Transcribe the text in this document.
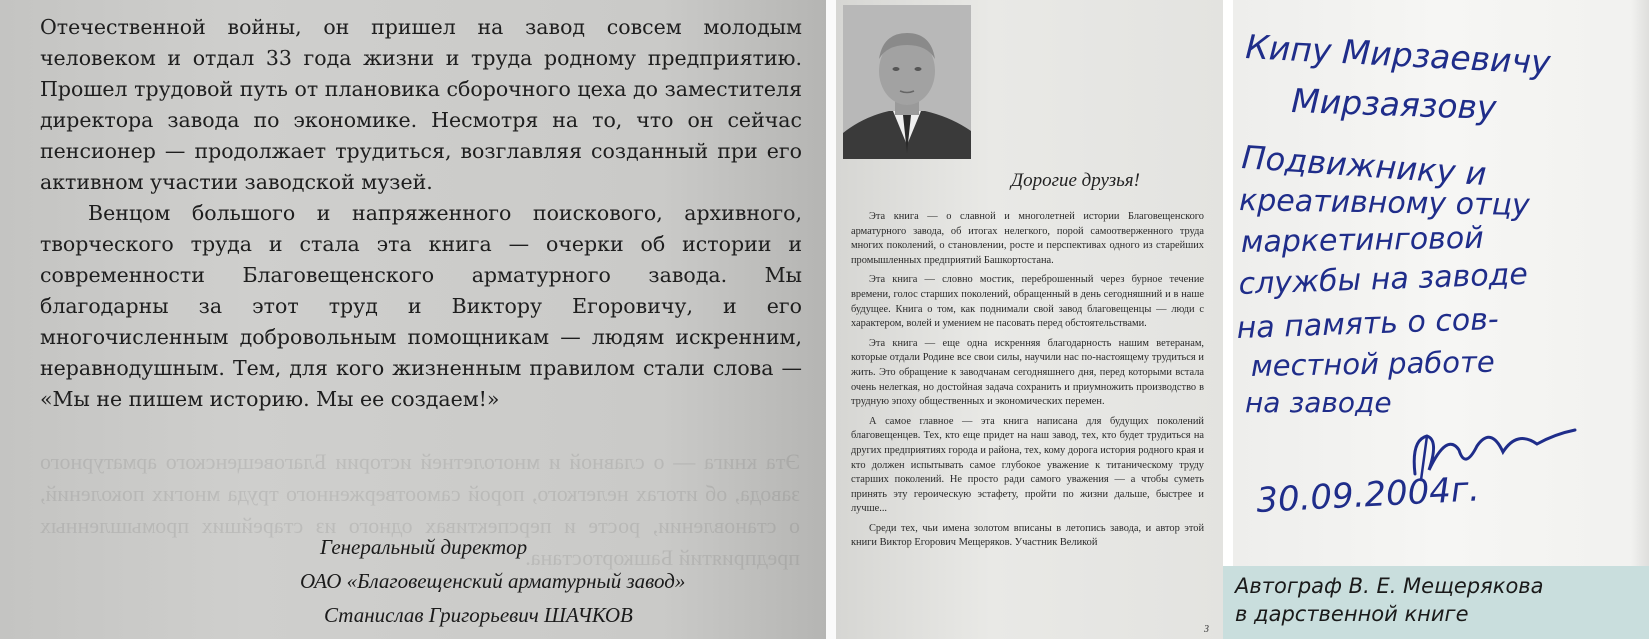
Эта книга — о славной и многолетней истории Благовещенского арматурного завода, об итогах нелегкого, порой самоотверженного труда многих поколений, о становлении, росте и перспективах одного из старейших промышленных предприятий Башкортостана.

Отечественной войны, он пришел на завод совсем молодым человеком и отдал 33 года жизни и труда родному предприятию. Прошел трудовой путь от плановика сборочного цеха до заместителя директора завода по экономике. Несмотря на то, что он сейчас пенсионер — продолжает трудиться, возглавляя созданный при его активном участии заводской музей.

Венцом большого и напряженного поискового, архивного, творческого труда и стала эта книга — очерки об истории и современности Благовещенского арматурного завода. Мы благодарны за этот труд и Виктору Егоровичу, и его многочисленным добровольным помощникам — людям искренним, неравнодушным. Тем, для кого жизненным правилом стали слова — «Мы не пишем историю. Мы ее создаем!»

Генеральный директор
ОАО «Благовещенский арматурный завод»
Станислав Григорьевич ШАЧКОВ
Дорогие друзья!

Эта книга — о славной и многолетней истории Благовещенского арматурного завода, об итогах нелегкого, порой самоотверженного труда многих поколений, о становлении, росте и перспективах одного из старейших промышленных предприятий Башкортостана.

Эта книга — словно мостик, переброшенный через бурное течение времени, голос старших поколений, обращенный в день сегодняшний и в наше будущее. Книга о том, как поднимали свой завод благовещенцы — люди с характером, волей и умением не пасовать перед обстоятельствами.

Эта книга — еще одна искренняя благодарность нашим ветеранам, которые отдали Родине все свои силы, научили нас по-настоящему трудиться и жить. Это обращение к заводчанам сегодняшнего дня, перед которыми встала очень нелегкая, но достойная задача сохранить и приумножить производство в трудную эпоху общественных и экономических перемен.

А самое главное — эта книга написана для будущих поколений благовещенцев. Тех, кто еще придет на наш завод, тех, кто будет трудиться на других предприятиях города и района, тех, кому дорога история родного края и кто должен испытывать самое глубокое уважение к титаническому труду старших поколений. Не просто ради самого уважения — а чтобы суметь принять эту героическую эстафету, пройти по жизни дальше, быстрее и лучше...

Среди тех, чьи имена золотом вписаны в летопись завода, и автор этой книги Виктор Егорович Мещеряков. Участник Великой

3
Кипу Мирзаевичу
Мирзаязову
Подвижнику и
креативному отцу
маркетинговой
службы на заводе
на память о сов-
местной работе
на заводе
30.09.2004г.
Автограф В. Е. Мещерякова
в дарственной книге
